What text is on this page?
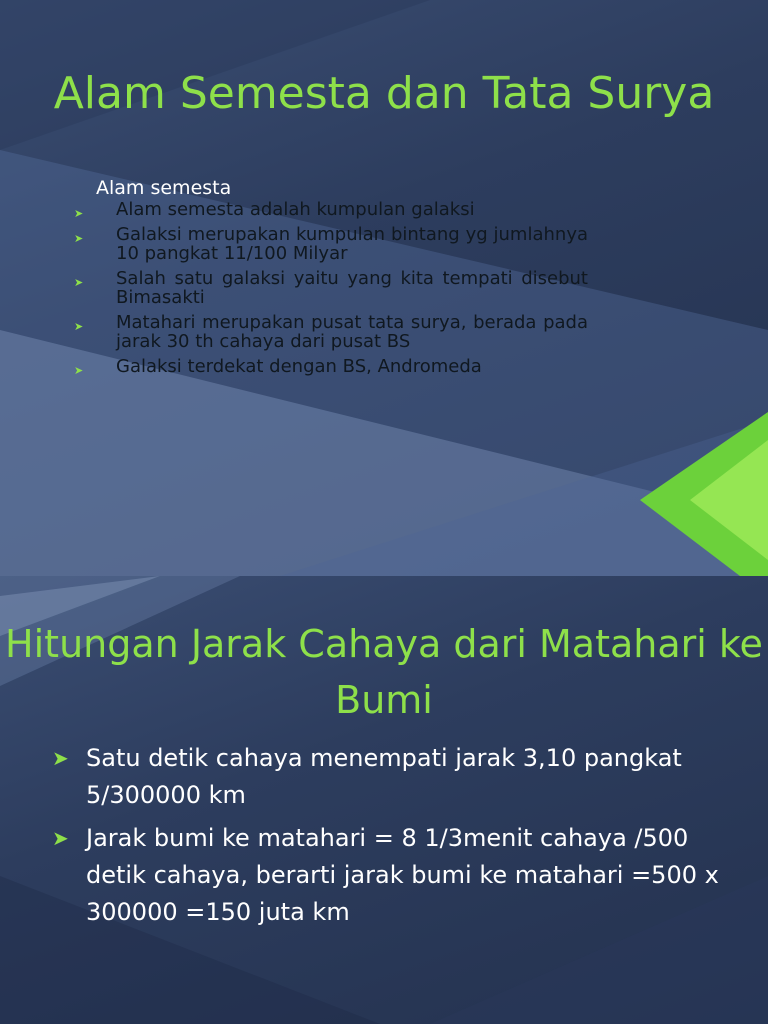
Alam Semesta dan Tata Surya
Alam semesta
➤ Alam semesta adalah kumpulan galaksi
➤ Galaksi merupakan kumpulan bintang yg jumlahnya 10 pangkat 11/100 Milyar
➤ Salah satu galaksi yaitu yang kita tempati disebut Bimasakti
➤ Matahari merupakan pusat tata surya, berada pada jarak 30 th cahaya dari pusat BS
➤ Galaksi terdekat dengan BS, Andromeda
Hitungan Jarak Cahaya dari Matahari ke Bumi
➤ Satu detik cahaya menempati jarak 3,10 pangkat 5/300000 km
➤ Jarak bumi ke matahari = 8 1/3menit cahaya /500 detik cahaya, berarti jarak bumi ke matahari =500 x 300000 =150 juta km
